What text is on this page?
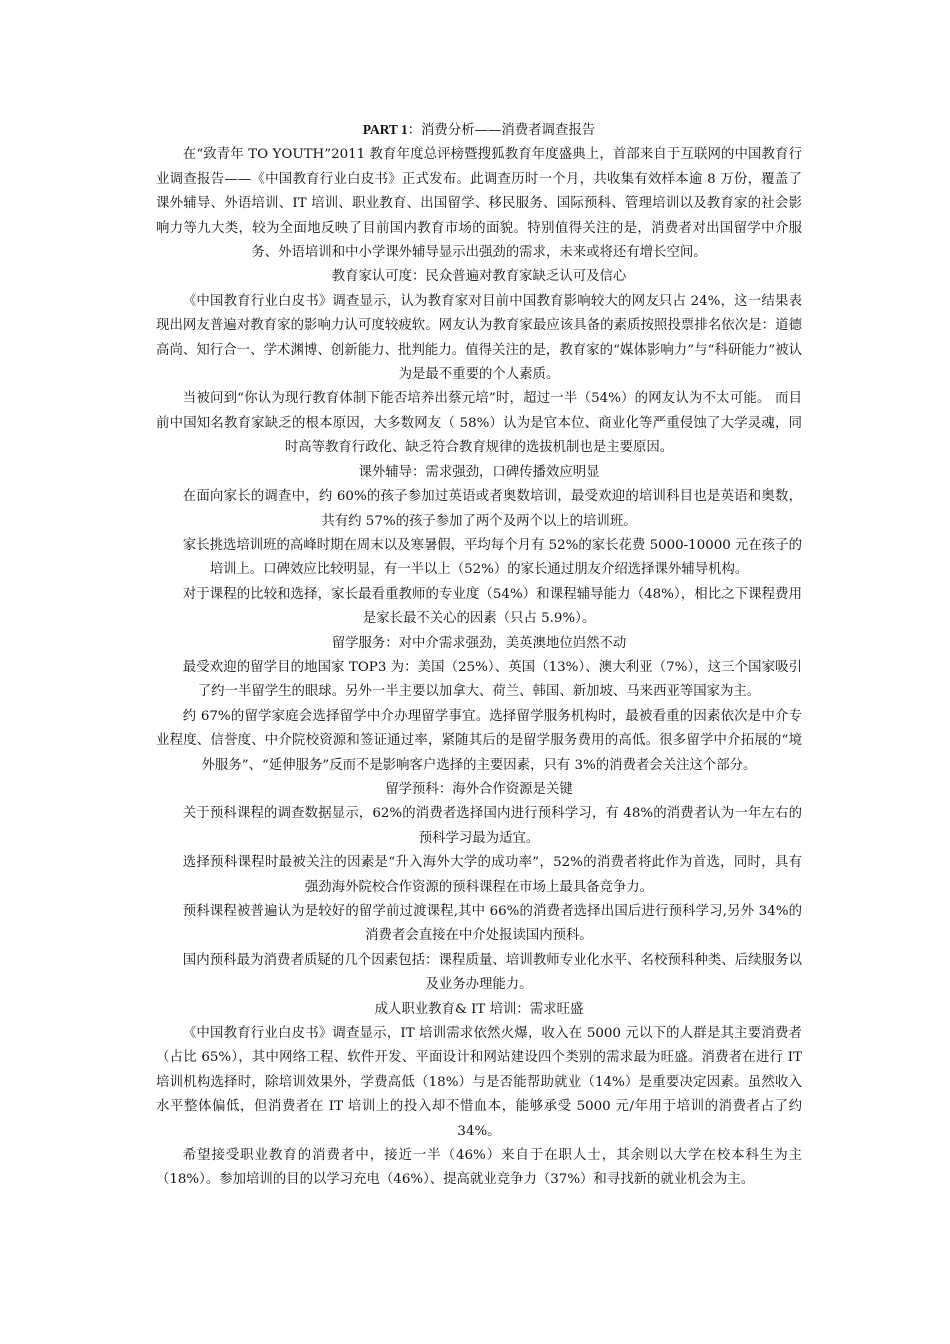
PART 1：消费分析——消费者调查报告

在“致青年 TO YOUTH”2011 教育年度总评榜暨搜狐教育年度盛典上，首部来自于互联网的中国教育行业调查报告——《中国教育行业白皮书》正式发布。此调查历时一个月，共收集有效样本逾 8 万份，覆盖了课外辅导、外语培训、IT 培训、职业教育、出国留学、移民服务、国际预科、管理培训以及教育家的社会影响力等九大类，较为全面地反映了目前国内教育市场的面貌。特别值得关注的是，消费者对出国留学中介服务、外语培训和中小学课外辅导显示出强劲的需求，未来或将还有增长空间。

教育家认可度：民众普遍对教育家缺乏认可及信心

《中国教育行业白皮书》调查显示，认为教育家对目前中国教育影响较大的网友只占 24%，这一结果表现出网友普遍对教育家的影响力认可度较疲软。网友认为教育家最应该具备的素质按照投票排名依次是：道德高尚、知行合一、学术渊博、创新能力、批判能力。值得关注的是，教育家的“媒体影响力”与“科研能力”被认为是最不重要的个人素质。

当被问到“你认为现行教育体制下能否培养出蔡元培”时，超过一半（54%）的网友认为不太可能。 而目前中国知名教育家缺乏的根本原因，大多数网友（ 58%）认为是官本位、商业化等严重侵蚀了大学灵魂，同时高等教育行政化、缺乏符合教育规律的选拔机制也是主要原因。

课外辅导：需求强劲，口碑传播效应明显

在面向家长的调查中，约 60%的孩子参加过英语或者奥数培训，最受欢迎的培训科目也是英语和奥数，共有约 57%的孩子参加了两个及两个以上的培训班。

家长挑选培训班的高峰时期在周末以及寒暑假，平均每个月有 52%的家长花费 5000-10000 元在孩子的培训上。口碑效应比较明显，有一半以上（52%）的家长通过朋友介绍选择课外辅导机构。

对于课程的比较和选择，家长最看重教师的专业度（54%）和课程辅导能力（48%），相比之下课程费用是家长最不关心的因素（只占 5.9%）。

留学服务：对中介需求强劲，美英澳地位岿然不动

最受欢迎的留学目的地国家 TOP3 为：美国（25%）、英国（13%）、澳大利亚（7%），这三个国家吸引了约一半留学生的眼球。另外一半主要以加拿大、荷兰、韩国、新加坡、马来西亚等国家为主。

约 67%的留学家庭会选择留学中介办理留学事宜。选择留学服务机构时，最被看重的因素依次是中介专业程度、信誉度、中介院校资源和签证通过率，紧随其后的是留学服务费用的高低。很多留学中介拓展的“境外服务”、“延伸服务”反而不是影响客户选择的主要因素，只有 3%的消费者会关注这个部分。

留学预科：海外合作资源是关键

关于预科课程的调查数据显示，62%的消费者选择国内进行预科学习，有 48%的消费者认为一年左右的预科学习最为适宜。

选择预科课程时最被关注的因素是“升入海外大学的成功率”，52%的消费者将此作为首选，同时，具有强劲海外院校合作资源的预科课程在市场上最具备竞争力。

预科课程被普遍认为是较好的留学前过渡课程,其中 66%的消费者选择出国后进行预科学习,另外 34%的消费者会直接在中介处报读国内预科。

国内预科最为消费者质疑的几个因素包括：课程质量、培训教师专业化水平、名校预科种类、后续服务以及业务办理能力。

成人职业教育& IT 培训：需求旺盛

《中国教育行业白皮书》调查显示，IT 培训需求依然火爆，收入在 5000 元以下的人群是其主要消费者（占比 65%），其中网络工程、软件开发、平面设计和网站建设四个类别的需求最为旺盛。消费者在进行 IT 培训机构选择时，除培训效果外，学费高低（18%）与是否能帮助就业（14%）是重要决定因素。虽然收入水平整体偏低，但消费者在 IT 培训上的投入却不惜血本，能够承受 5000 元/年用于培训的消费者占了约 34%。

希望接受职业教育的消费者中，接近一半（46%）来自于在职人士，其余则以大学在校本科生为主（18%）。参加培训的目的以学习充电（46%）、提高就业竞争力（37%）和寻找新的就业机会为主。
